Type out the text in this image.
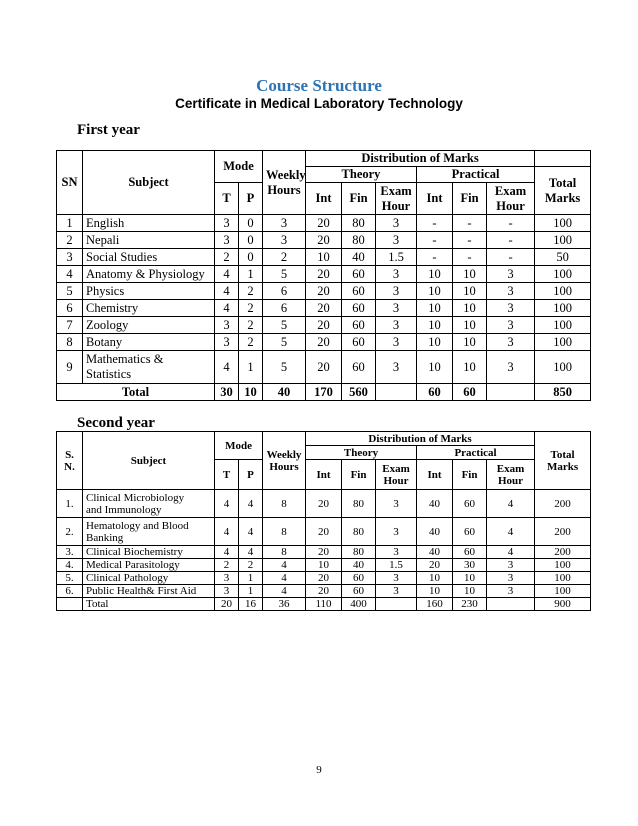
Course Structure
Certificate in Medical Laboratory Technology
First year
SN	Subject	Mode		Weekly
Hours	Distribution of Marks						
					Theory			Practical			Total
Marks
		T	P		Int	Fin	Exam
Hour	Int	Fin	Exam
Hour	
1	English	3	0	3	20	80	3	-	-	-	100
2	Nepali	3	0	3	20	80	3	-	-	-	100
3	Social Studies	2	0	2	10	40	1.5	-	-	-	50
4	Anatomy & Physiology	4	1	5	20	60	3	10	10	3	100
5	Physics	4	2	6	20	60	3	10	10	3	100
6	Chemistry	4	2	6	20	60	3	10	10	3	100
7	Zoology	3	2	5	20	60	3	10	10	3	100
8	Botany	3	2	5	20	60	3	10	10	3	100
9	Mathematics &
Statistics	4	1	5	20	60	3	10	10	3	100
Total		30	10	40	170	560		60	60		850
Second year
S.
N.	Subject	Mode		Weekly
Hours	Distribution of Marks						Total
Marks
					Theory			Practical			
		T	P		Int	Fin	Exam
Hour	Int	Fin	Exam
Hour	
1.	Clinical Microbiology
and Immunology	4	4	8	20	80	3	40	60	4	200
2.	Hematology and Blood
Banking	4	4	8	20	80	3	40	60	4	200
3.	Clinical Biochemistry	4	4	8	20	80	3	40	60	4	200
4.	Medical Parasitology	2	2	4	10	40	1.5	20	30	3	100
5.	Clinical Pathology	3	1	4	20	60	3	10	10	3	100
6.	Public Health& First Aid	3	1	4	20	60	3	10	10	3	100
	Total	20	16	36	110	400		160	230		900
9
